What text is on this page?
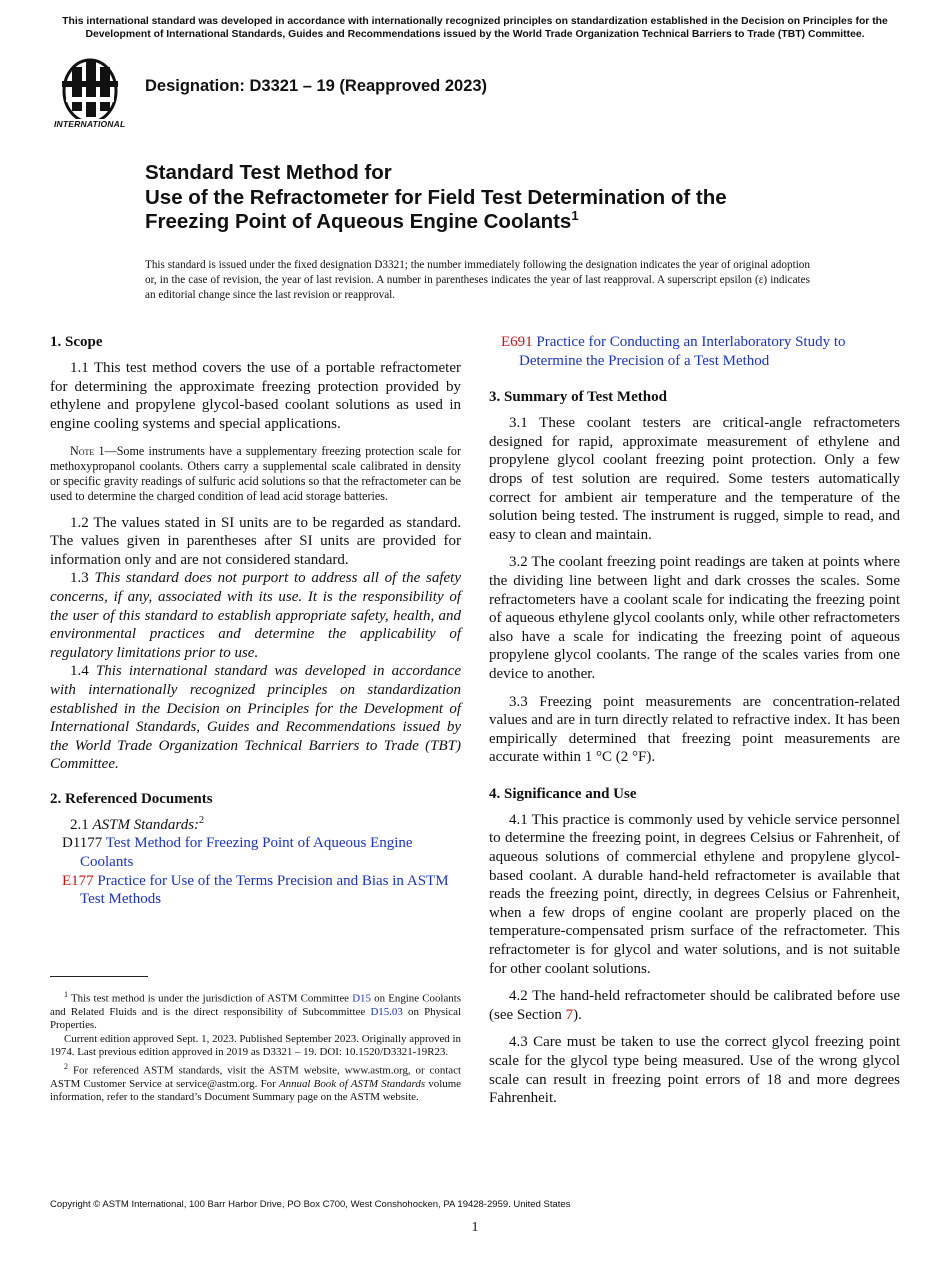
This international standard was developed in accordance with internationally recognized principles on standardization established in the Decision on Principles for the Development of International Standards, Guides and Recommendations issued by the World Trade Organization Technical Barriers to Trade (TBT) Committee.
INTERNATIONAL
Designation: D3321 – 19 (Reapproved 2023)
Standard Test Method for
Use of the Refractometer for Field Test Determination of the
Freezing Point of Aqueous Engine Coolants$^1$
This standard is issued under the fixed designation D3321; the number immediately following the designation indicates the year of original adoption or, in the case of revision, the year of last revision. A number in parentheses indicates the year of last reapproval. A superscript epsilon (ε) indicates an editorial change since the last revision or reapproval.
1. Scope

1.1 This test method covers the use of a portable refractometer for determining the approximate freezing protection provided by ethylene and propylene glycol-based coolant solutions as used in engine cooling systems and special applications.

Note 1—Some instruments have a supplementary freezing protection scale for methoxypropanol coolants. Others carry a supplemental scale calibrated in density or specific gravity readings of sulfuric acid solutions so that the refractometer can be used to determine the charged condition of lead acid storage batteries.

1.2 The values stated in SI units are to be regarded as standard. The values given in parentheses after SI units are provided for information only and are not considered standard.

1.3 This standard does not purport to address all of the safety concerns, if any, associated with its use. It is the responsibility of the user of this standard to establish appropriate safety, health, and environmental practices and determine the applicability of regulatory limitations prior to use.

1.4 This international standard was developed in accordance with internationally recognized principles on standardization established in the Decision on Principles for the Development of International Standards, Guides and Recommendations issued by the World Trade Organization Technical Barriers to Trade (TBT) Committee.

2. Referenced Documents

2.1 ASTM Standards:$^2$

D1177 Test Method for Freezing Point of Aqueous Engine Coolants

E177 Practice for Use of the Terms Precision and Bias in ASTM Test Methods

$^1$ This test method is under the jurisdiction of ASTM Committee D15 on Engine Coolants and Related Fluids and is the direct responsibility of Subcommittee D15.03 on Physical Properties.

Current edition approved Sept. 1, 2023. Published September 2023. Originally approved in 1974. Last previous edition approved in 2019 as D3321 – 19. DOI: 10.1520/D3321-19R23.

$^2$ For referenced ASTM standards, visit the ASTM website, www.astm.org, or contact ASTM Customer Service at service@astm.org. For Annual Book of ASTM Standards volume information, refer to the standard’s Document Summary page on the ASTM website.

E691 Practice for Conducting an Interlaboratory Study to Determine the Precision of a Test Method

3. Summary of Test Method

3.1 These coolant testers are critical-angle refractometers designed for rapid, approximate measurement of ethylene and propylene glycol coolant freezing point protection. Only a few drops of test solution are required. Some testers automatically correct for ambient air temperature and the temperature of the solution being tested. The instrument is rugged, simple to read, and easy to clean and maintain.

3.2 The coolant freezing point readings are taken at points where the dividing line between light and dark crosses the scales. Some refractometers have a coolant scale for indicating the freezing point of aqueous ethylene glycol coolants only, while other refractometers also have a scale for indicating the freezing point of aqueous propylene glycol coolants. The range of the scales varies from one device to another.

3.3 Freezing point measurements are concentration-related values and are in turn directly related to refractive index. It has been empirically determined that freezing point measurements are accurate within 1 °C (2 °F).

4. Significance and Use

4.1 This practice is commonly used by vehicle service personnel to determine the freezing point, in degrees Celsius or Fahrenheit, of aqueous solutions of commercial ethylene and propylene glycol-based coolant. A durable hand-held refractometer is available that reads the freezing point, directly, in degrees Celsius or Fahrenheit, when a few drops of engine coolant are properly placed on the temperature-compensated prism surface of the refractometer. This refractometer is for glycol and water solutions, and is not suitable for other coolant solutions.

4.2 The hand-held refractometer should be calibrated before use (see Section 7).

4.3 Care must be taken to use the correct glycol freezing point scale for the glycol type being measured. Use of the wrong glycol scale can result in freezing point errors of 18 and more degrees Fahrenheit.

Copyright © ASTM International, 100 Barr Harbor Drive, PO Box C700, West Conshohocken, PA 19428-2959. United States
1
